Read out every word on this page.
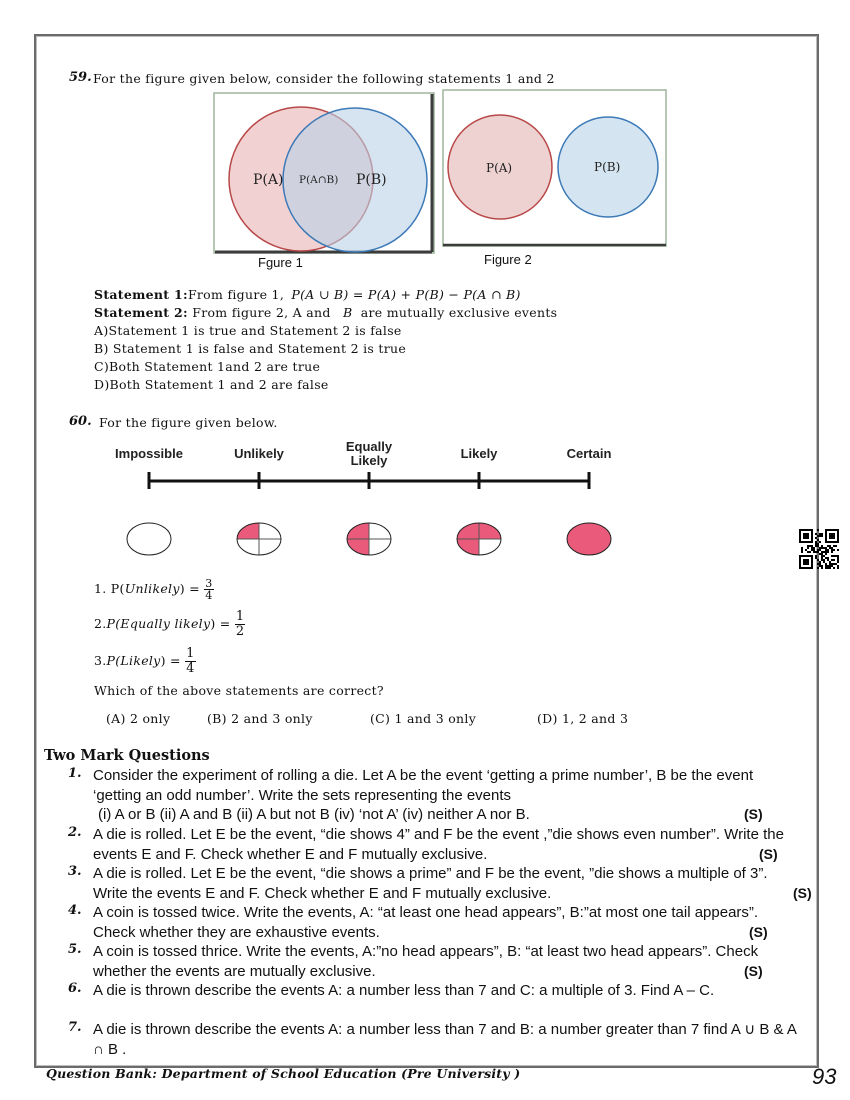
59. For the figure given below, consider the following statements 1 and 2
P(A) P(A∩B) P(B)
Fgure 1
P(A)	P(B)
Figure 2
Statement 1:From figure 1, P(A ∪ B) = P(A) + P(B) − P(A ∩ B)
Statement 2: From figure 2, A and B are mutually exclusive events
A)Statement 1 is true and Statement 2 is false
B) Statement 1 is false and Statement 2 is true
C)Both Statement 1and 2 are true
D)Both Statement 1 and 2 are false
60. For the figure given below.
Impossible	Unlikely	Equally
Likely	Likely	Certain
1. P(Unlikely) = $\frac{3}{4}$
2.P(Equally likely) = $\frac{1}{2}$
3.P(Likely) = $\frac{1}{4}$
Which of the above statements are correct?
(A) 2 only	(B) 2 and 3 only	(C) 1 and 3 only	(D) 1, 2 and 3
Two Mark Questions
1. Consider the experiment of rolling a die. Let A be the event ‘getting a prime number’, B be the event ‘getting an odd number’. Write the sets representing the events
(i) A or B (ii) A and B (ii) A but not B (iv) ‘not A’ (iv) neither A nor B.	(S)
2. A die is rolled. Let E be the event, “die shows 4” and F be the event ,”die shows even number”. Write the events E and F. Check whether E and F mutually exclusive.	(S)
3. A die is rolled. Let E be the event, “die shows a prime” and F be the event, ”die shows a multiple of 3”. Write the events E and F. Check whether E and F mutually exclusive.	(S)
4. A coin is tossed twice. Write the events, A: “at least one head appears”, B:”at most one tail appears”. Check whether they are exhaustive events.	(S)
5. A coin is tossed thrice. Write the events, A:”no head appears”, B: “at least two head appears”. Check whether the events are mutually exclusive.	(S)
6. A die is thrown describe the events A: a number less than 7 and C: a multiple of 3. Find A – C.
7. A die is thrown describe the events A: a number less than 7 and B: a number greater than 7 find A ∪ B & A ∩ B .
Question Bank: Department of School Education (Pre University )	93
